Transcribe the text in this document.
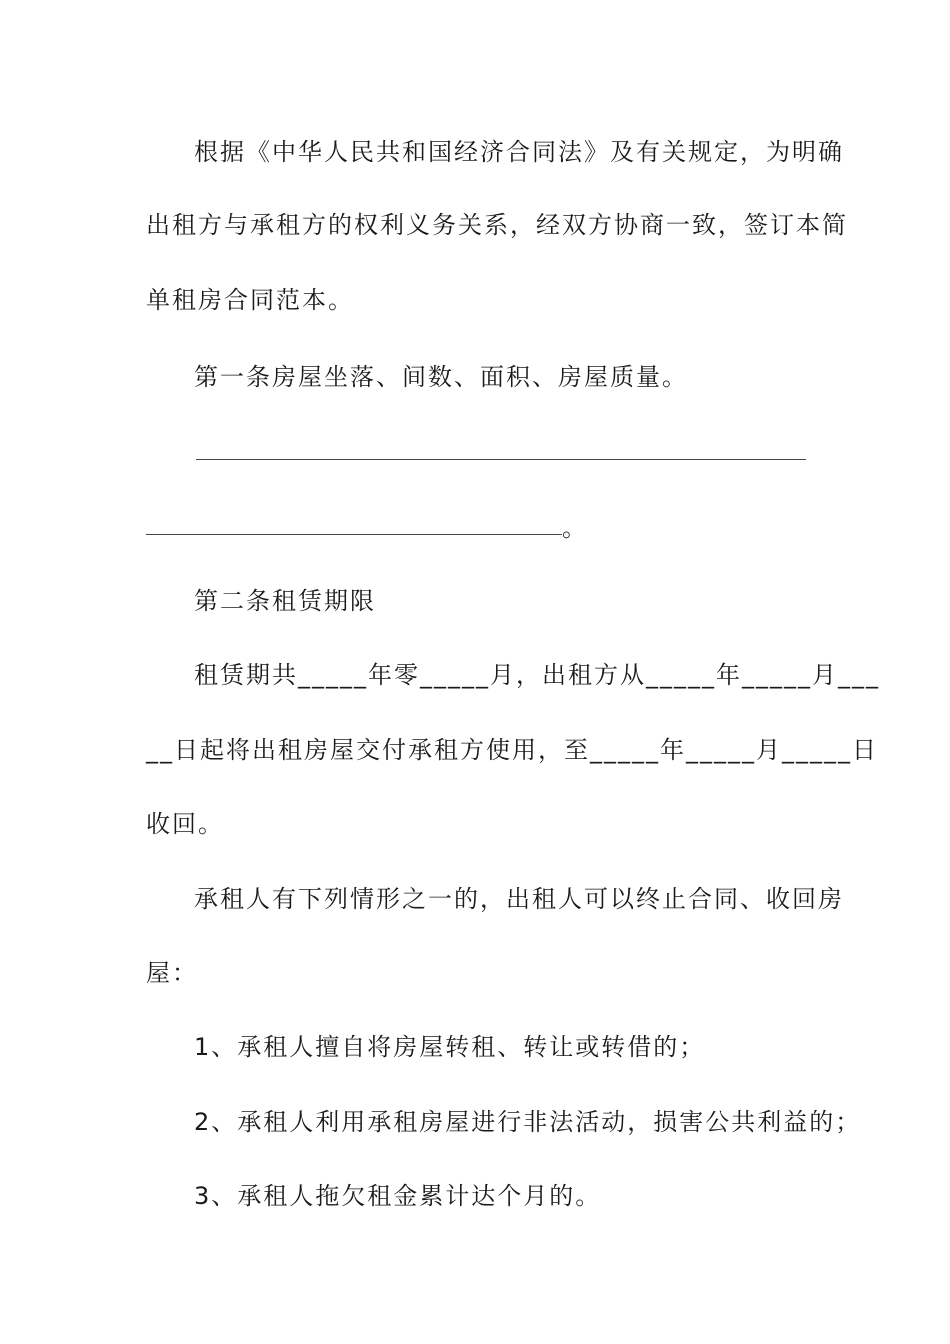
根据《中华人民共和国经济合同法》及有关规定，为明确
出租方与承租方的权利义务关系，经双方协商一致，签订本简
单租房合同范本。
第一条房屋坐落、间数、面积、房屋质量。
。
第二条租赁期限
租赁期共_____年零_____月，出租方从_____年_____月___
__日起将出租房屋交付承租方使用，至_____年_____月_____日
收回。
承租人有下列情形之一的，出租人可以终止合同、收回房
屋：
1、承租人擅自将房屋转租、转让或转借的；
2、承租人利用承租房屋进行非法活动，损害公共利益的；
3、承租人拖欠租金累计达个月的。
